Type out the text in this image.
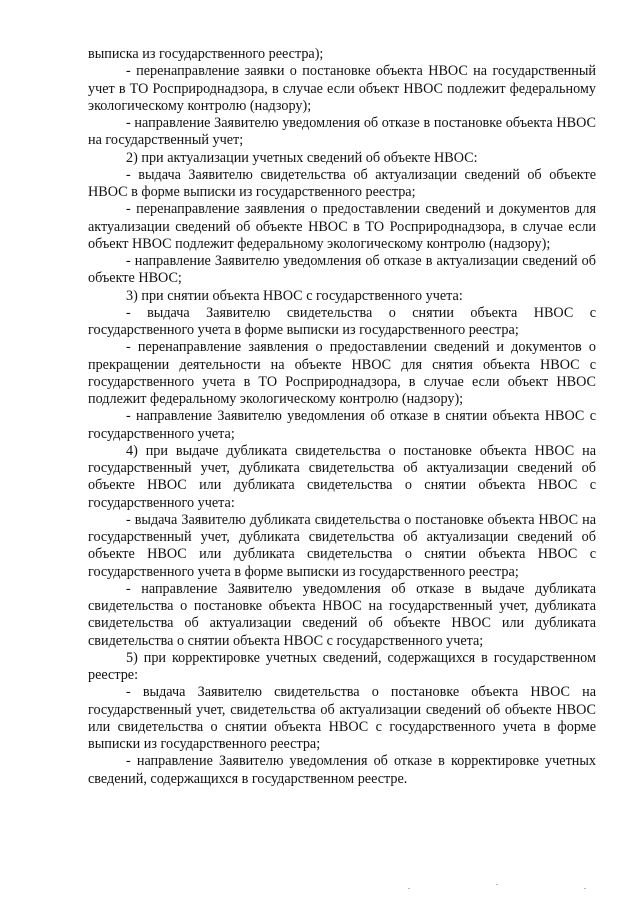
выписка из государственного реестра);

- перенаправление заявки о постановке объекта НВОС на государственный учет в ТО Росприроднадзора, в случае если объект НВОС подлежит федеральному экологическому контролю (надзору);

- направление Заявителю уведомления об отказе в постановке объекта НВОС на государственный учет;

2) при актуализации учетных сведений об объекте НВОС:

- выдача Заявителю свидетельства об актуализации сведений об объекте НВОС в форме выписки из государственного реестра;

- перенаправление заявления о предоставлении сведений и документов для актуализации сведений об объекте НВОС в ТО Росприроднадзора, в случае если объект НВОС подлежит федеральному экологическому контролю (надзору);

- направление Заявителю уведомления об отказе в актуализации сведений об объекте НВОС;

3) при снятии объекта НВОС с государственного учета:

- выдача Заявителю свидетельства о снятии объекта НВОС с государственного учета в форме выписки из государственного реестра;

- перенаправление заявления о предоставлении сведений и документов о прекращении деятельности на объекте НВОС для снятия объекта НВОС с государственного учета в ТО Росприроднадзора, в случае если объект НВОС подлежит федеральному экологическому контролю (надзору);

- направление Заявителю уведомления об отказе в снятии объекта НВОС с государственного учета;

4) при выдаче дубликата свидетельства о постановке объекта НВОС на государственный учет, дубликата свидетельства об актуализации сведений об объекте НВОС или дубликата свидетельства о снятии объекта НВОС с государственного учета:

- выдача Заявителю дубликата свидетельства о постановке объекта НВОС на государственный учет, дубликата свидетельства об актуализации сведений об объекте НВОС или дубликата свидетельства о снятии объекта НВОС с государственного учета в форме выписки из государственного реестра;

- направление Заявителю уведомления об отказе в выдаче дубликата свидетельства о постановке объекта НВОС на государственный учет, дубликата свидетельства об актуализации сведений об объекте НВОС или дубликата свидетельства о снятии объекта НВОС с государственного учета;

5) при корректировке учетных сведений, содержащихся в государственном реестре:

- выдача Заявителю свидетельства о постановке объекта НВОС на государственный учет, свидетельства об актуализации сведений об объекте НВОС или свидетельства о снятии объекта НВОС с государственного учета в форме выписки из государственного реестра;

- направление Заявителю уведомления об отказе в корректировке учетных сведений, содержащихся в государственном реестре.
